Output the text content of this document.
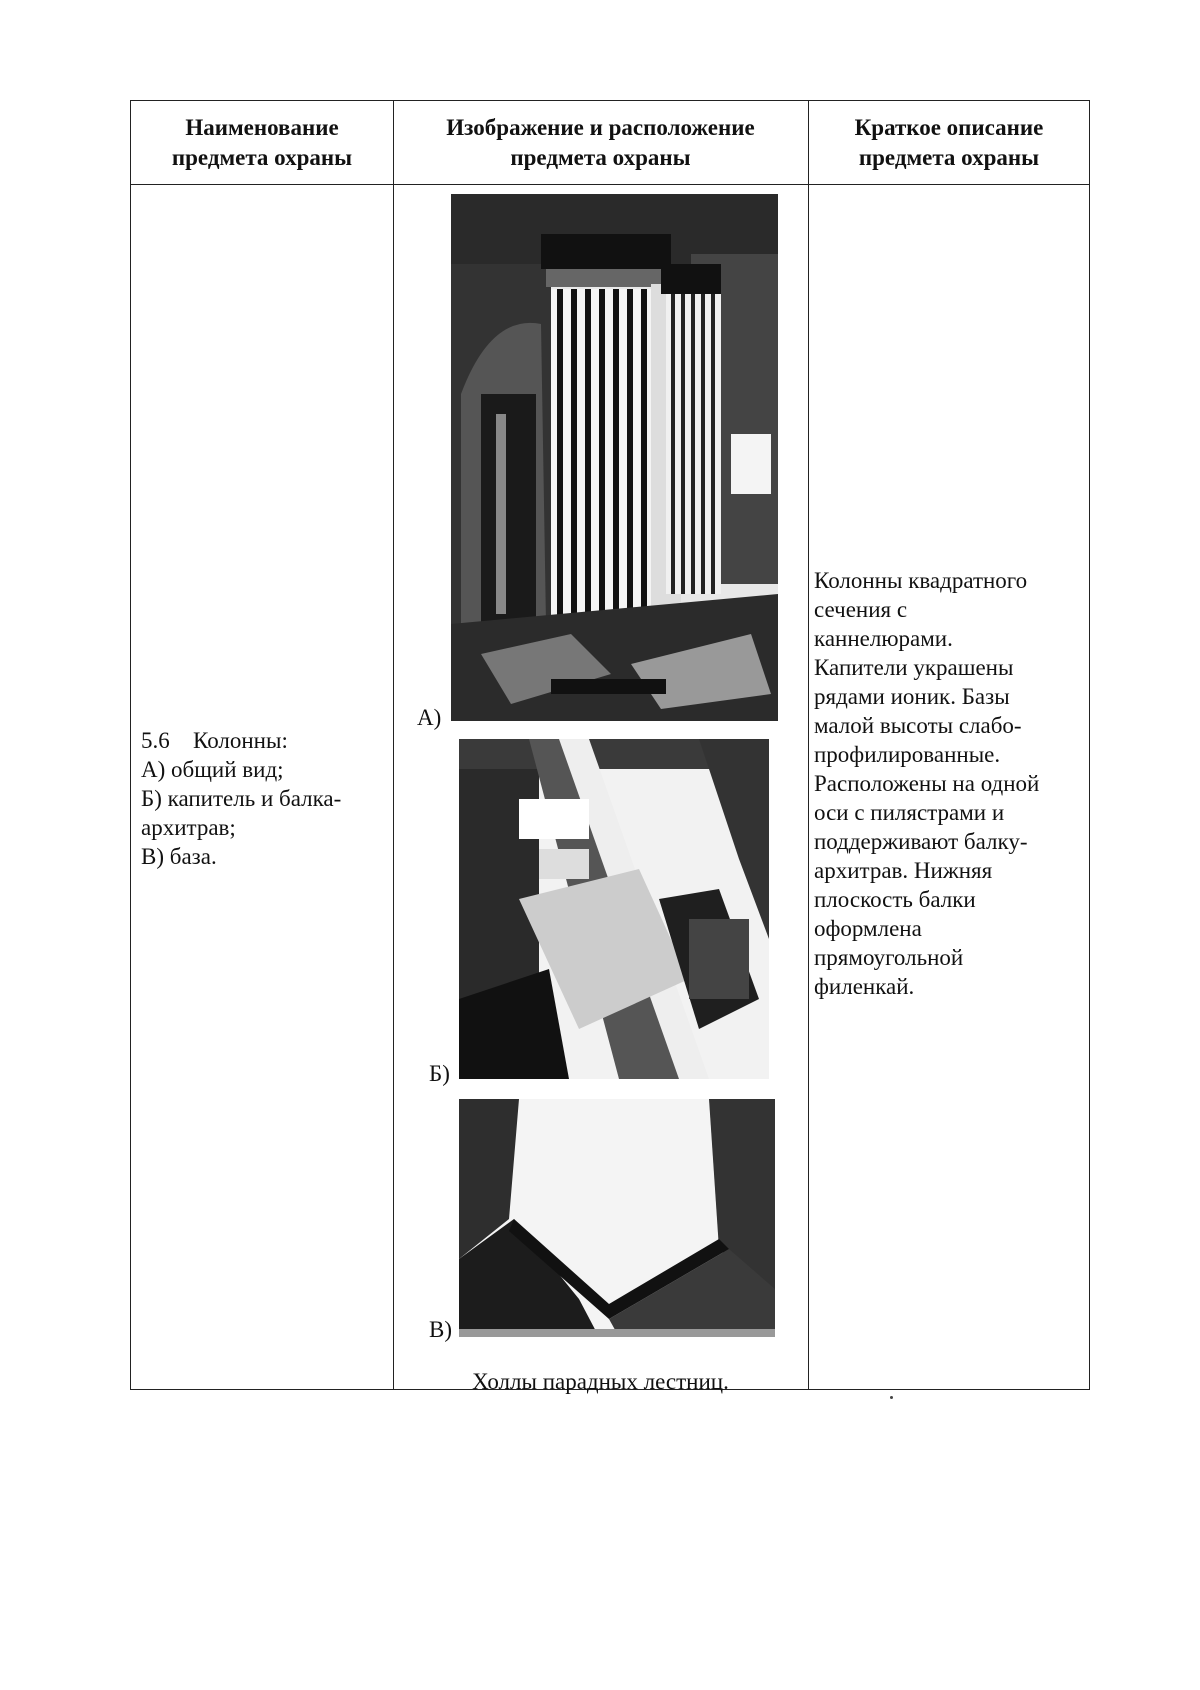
Наименование
предмета охраны
Изображение и расположение
предмета охраны
Краткое описание
предмета охраны
5.6 Колонны:
А) общий вид;
Б) капитель и балка-
архитрав;
В) база.
А)
Б)
В)
Холлы парадных лестниц.
Колонны квадратного
сечения с
каннелюрами.
Капители украшены
рядами ионик. Базы
малой высоты слабо-
профилированные.
Расположены на одной
оси с пилястрами и
поддерживают балку-
архитрав. Нижняя
плоскость балки
оформлена
прямоугольной
филенкай.
